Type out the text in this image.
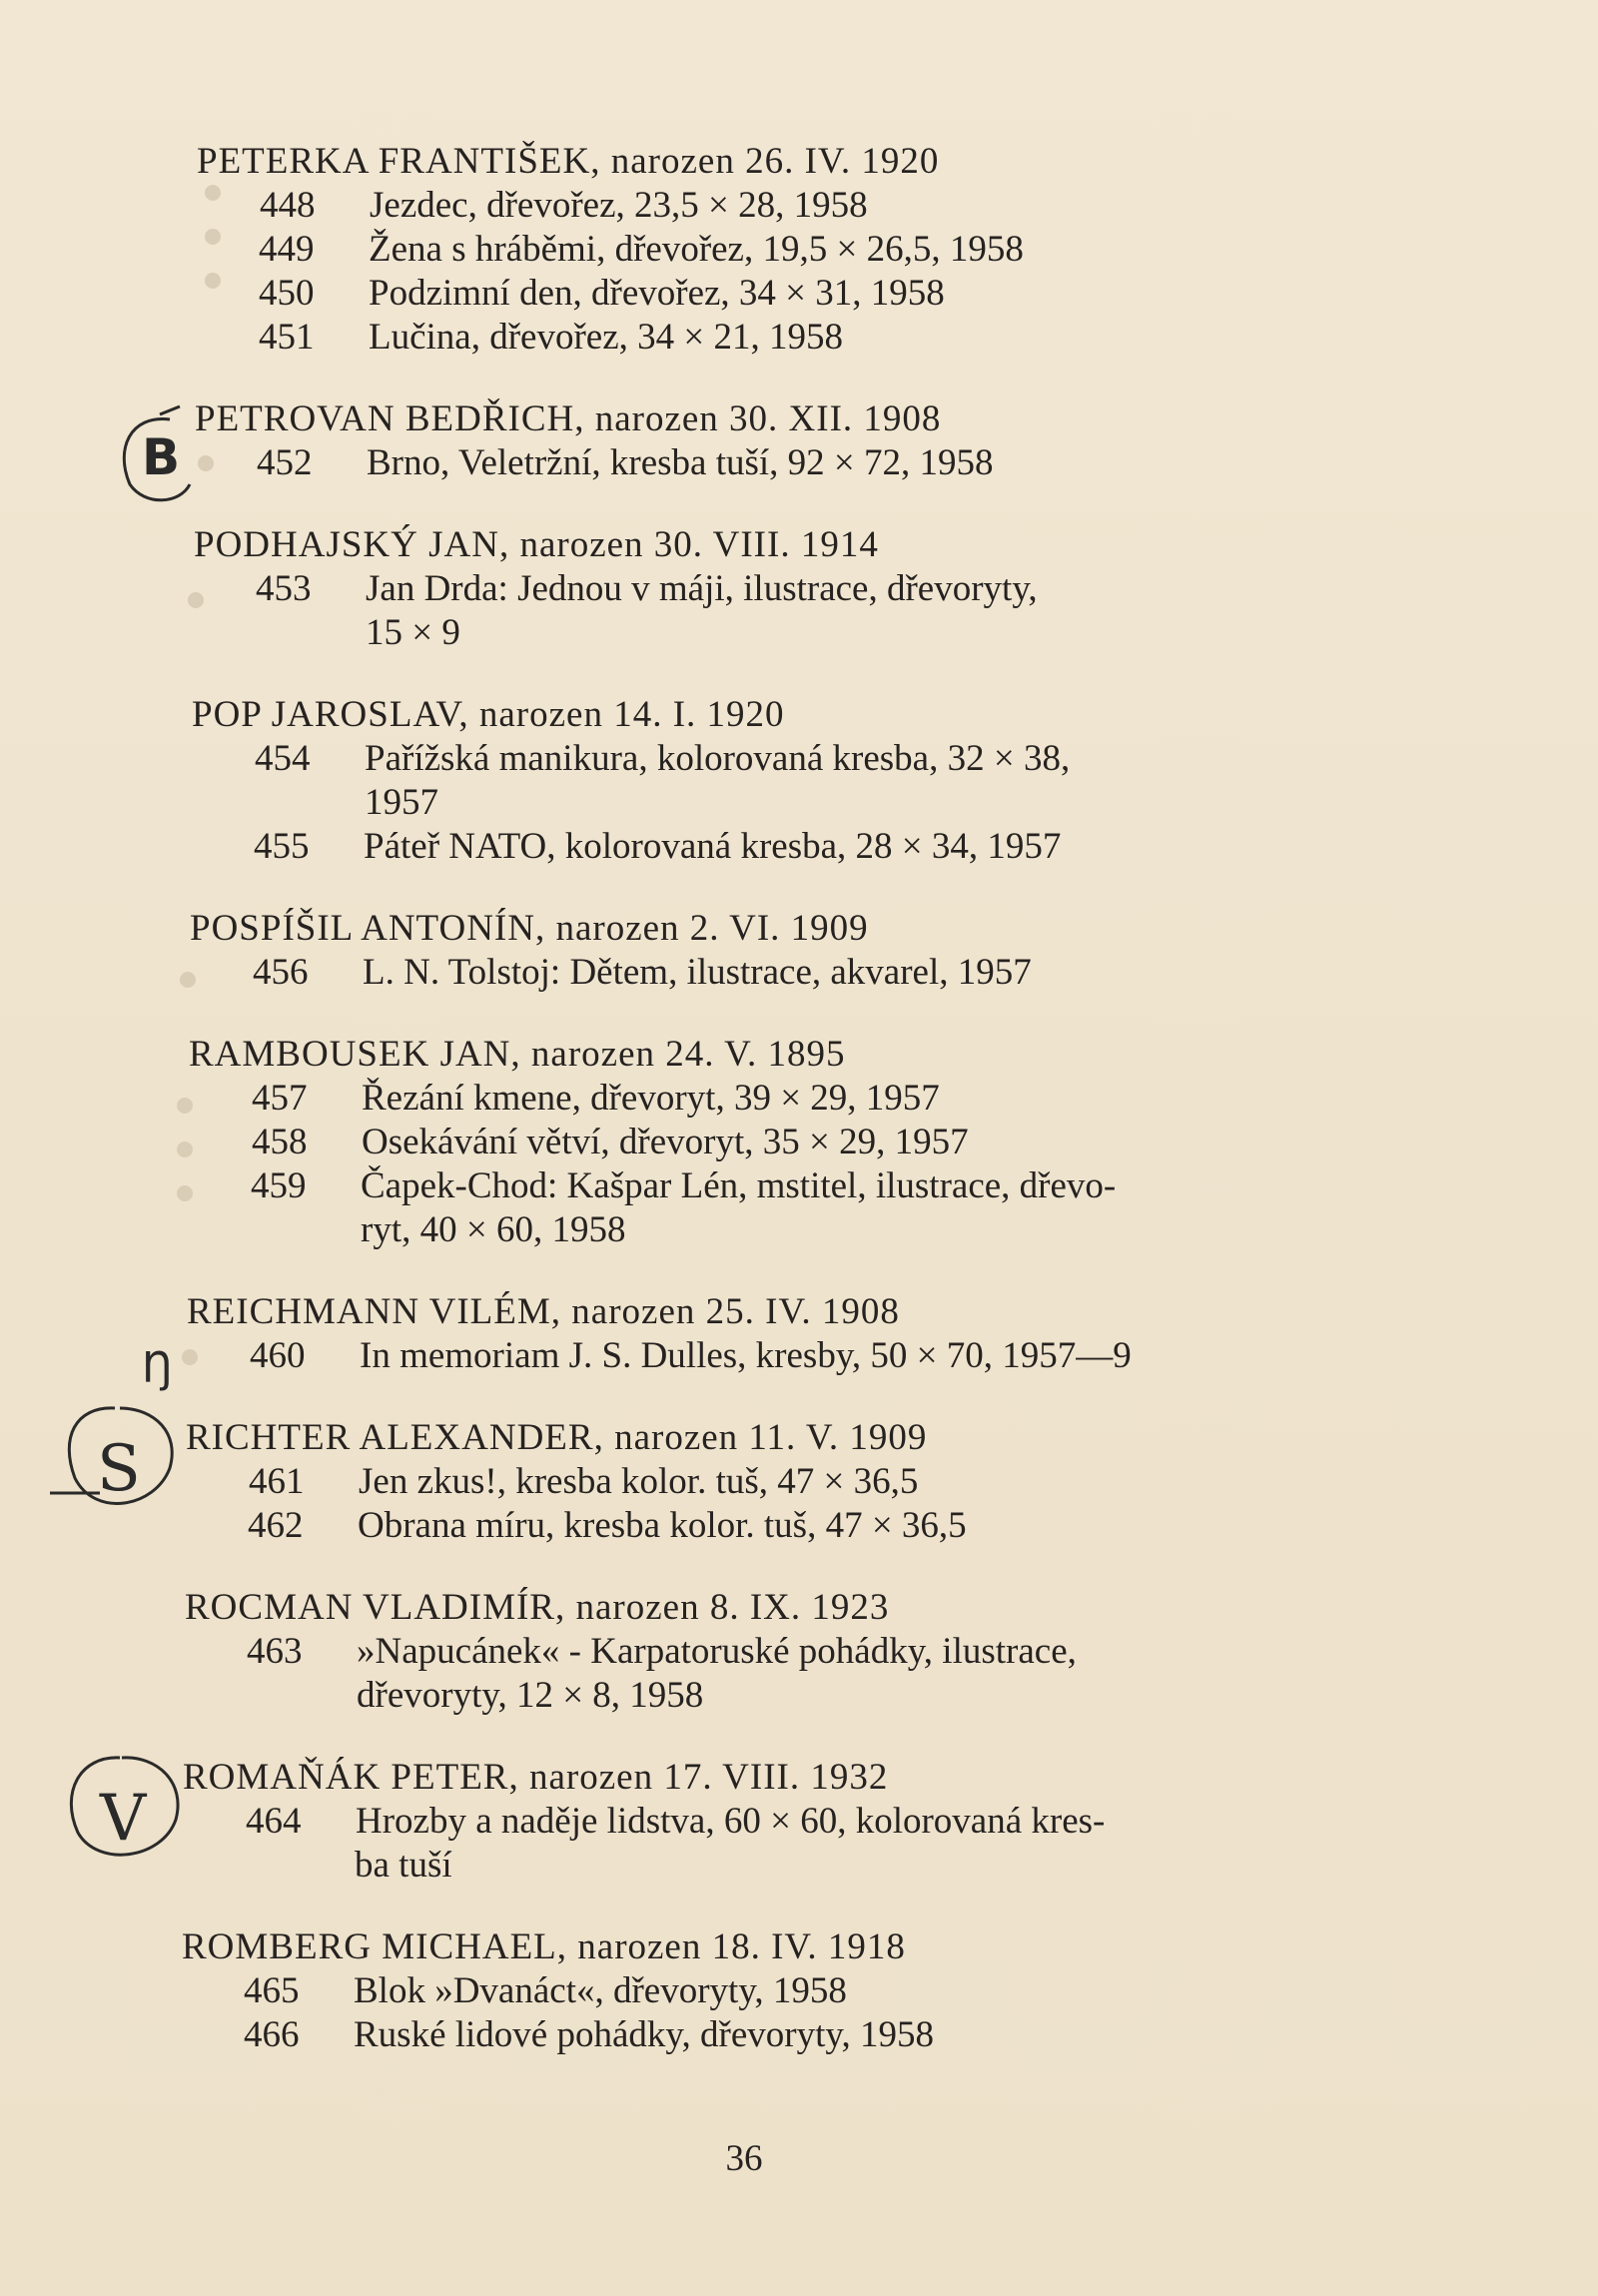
PETERKA FRANTIŠEK, narozen 26. IV. 1920
448 Jezdec, dřevořez, 23,5 × 28, 1958
449 Žena s hráběmi, dřevořez, 19,5 × 26,5, 1958
450 Podzimní den, dřevořez, 34 × 31, 1958
451 Lučina, dřevořez, 34 × 21, 1958
PETROVAN BEDŘICH, narozen 30. XII. 1908
452 Brno, Veletržní, kresba tuší, 92 × 72, 1958
PODHAJSKÝ JAN, narozen 30. VIII. 1914
453 Jan Drda: Jednou v máji, ilustrace, dřevoryty,
15 × 9
POP JAROSLAV, narozen 14. I. 1920
454 Pařížská manikura, kolorovaná kresba, 32 × 38,
1957
455 Páteř NATO, kolorovaná kresba, 28 × 34, 1957
POSPÍŠIL ANTONÍN, narozen 2. VI. 1909
456 L. N. Tolstoj: Dětem, ilustrace, akvarel, 1957
RAMBOUSEK JAN, narozen 24. V. 1895
457 Řezání kmene, dřevoryt, 39 × 29, 1957
458 Osekávání větví, dřevoryt, 35 × 29, 1957
459 Čapek-Chod: Kašpar Lén, mstitel, ilustrace, dřevo-
ryt, 40 × 60, 1958
REICHMANN VILÉM, narozen 25. IV. 1908
460 In memoriam J. S. Dulles, kresby, 50 × 70, 1957—9
RICHTER ALEXANDER, narozen 11. V. 1909
461 Jen zkus!, kresba kolor. tuš, 47 × 36,5
462 Obrana míru, kresba kolor. tuš, 47 × 36,5
ROCMAN VLADIMÍR, narozen 8. IX. 1923
463 »Napucánek« - Karpatoruské pohádky, ilustrace,
dřevoryty, 12 × 8, 1958
ROMAŇÁK PETER, narozen 17. VIII. 1932
464 Hrozby a naděje lidstva, 60 × 60, kolorovaná kres-
ba tuší
ROMBERG MICHAEL, narozen 18. IV. 1918
465 Blok »Dvanáct«, dřevoryty, 1958
466 Ruské lidové pohádky, dřevoryty, 1958
B
Ŋ
S
V
36
